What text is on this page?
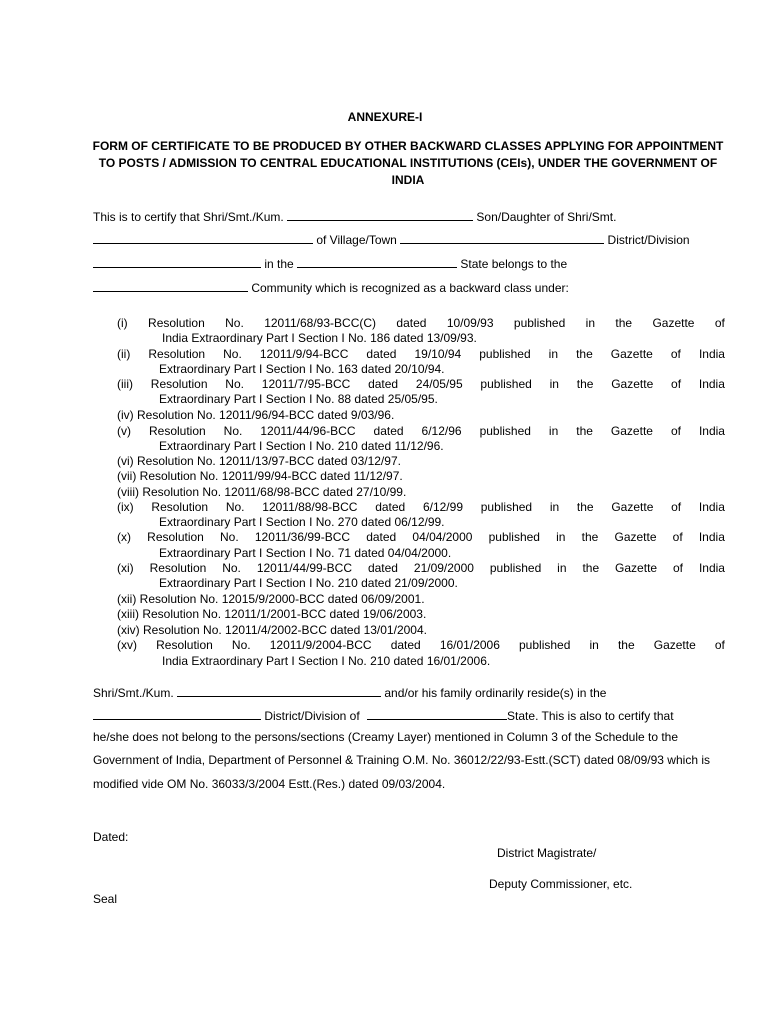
ANNEXURE-I
FORM OF CERTIFICATE TO BE PRODUCED BY OTHER BACKWARD CLASSES APPLYING FOR APPOINTMENT TO POSTS / ADMISSION TO CENTRAL EDUCATIONAL INSTITUTIONS (CEIs), UNDER THE GOVERNMENT OF INDIA
This is to certify that Shri/Smt./Kum.	Son/Daughter of Shri/Smt.
of Village/Town	District/Division
in the	State belongs to the
Community which is recognized as a backward class under:
(i) Resolution No. 12011/68/93-BCC(C) dated 10/09/93 published in the Gazette of
India Extraordinary Part I Section I No. 186 dated 13/09/93.
(ii) Resolution No. 12011/9/94-BCC dated 19/10/94 published in the Gazette of India
Extraordinary Part I Section I No. 163 dated 20/10/94.
(iii) Resolution No. 12011/7/95-BCC dated 24/05/95 published in the Gazette of India
Extraordinary Part I Section I No. 88 dated 25/05/95.
(iv) Resolution No. 12011/96/94-BCC dated 9/03/96.
(v) Resolution No. 12011/44/96-BCC dated 6/12/96 published in the Gazette of India
Extraordinary Part I Section I No. 210 dated 11/12/96.
(vi) Resolution No. 12011/13/97-BCC dated 03/12/97.
(vii) Resolution No. 12011/99/94-BCC dated 11/12/97.
(viii) Resolution No. 12011/68/98-BCC dated 27/10/99.
(ix) Resolution No. 12011/88/98-BCC dated 6/12/99 published in the Gazette of India
Extraordinary Part I Section I No. 270 dated 06/12/99.
(x) Resolution No. 12011/36/99-BCC dated 04/04/2000 published in the Gazette of India
Extraordinary Part I Section I No. 71 dated 04/04/2000.
(xi) Resolution No. 12011/44/99-BCC dated 21/09/2000 published in the Gazette of India
Extraordinary Part I Section I No. 210 dated 21/09/2000.
(xii) Resolution No. 12015/9/2000-BCC dated 06/09/2001.
(xiii) Resolution No. 12011/1/2001-BCC dated 19/06/2003.
(xiv) Resolution No. 12011/4/2002-BCC dated 13/01/2004.
(xv) Resolution No. 12011/9/2004-BCC dated 16/01/2006 published in the Gazette of
India Extraordinary Part I Section I No. 210 dated 16/01/2006.
Shri/Smt./Kum.	and/or his family ordinarily reside(s) in the
District/Division of	State. This is also to certify that
he/she does not belong to the persons/sections (Creamy Layer) mentioned in Column 3 of the Schedule to the
Government of India, Department of Personnel & Training O.M. No. 36012/22/93-Estt.(SCT) dated 08/09/93 which is
modified vide OM No. 36033/3/2004 Estt.(Res.) dated 09/03/2004.
Dated:
District Magistrate/
Deputy Commissioner, etc.
Seal
